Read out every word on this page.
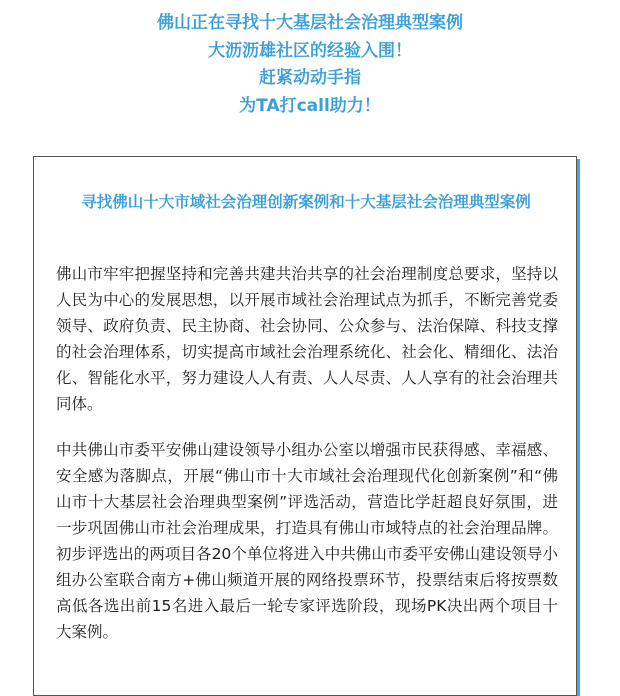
佛山正在寻找十大基层社会治理典型案例
大沥沥雄社区的经验入围！
赶紧动动手指
为TA打call助力！
寻找佛山十大市域社会治理创新案例和十大基层社会治理典型案例

佛山市牢牢把握坚持和完善共建共治共享的社会治理制度总要求，坚持以人民为中心的发展思想，以开展市域社会治理试点为抓手，不断完善党委领导、政府负责、民主协商、社会协同、公众参与、法治保障、科技支撑的社会治理体系，切实提高市域社会治理系统化、社会化、精细化、法治化、智能化水平，努力建设人人有责、人人尽责、人人享有的社会治理共同体。

中共佛山市委平安佛山建设领导小组办公室以增强市民获得感、幸福感、安全感为落脚点，开展“佛山市十大市域社会治理现代化创新案例”和“佛山市十大基层社会治理典型案例”评选活动，营造比学赶超良好氛围，进一步巩固佛山市社会治理成果，打造具有佛山市域特点的社会治理品牌。初步评选出的两项目各20个单位将进入中共佛山市委平安佛山建设领导小组办公室联合南方+佛山频道开展的网络投票环节，投票结束后将按票数高低各选出前15名进入最后一轮专家评选阶段，现场PK决出两个项目十大案例。
